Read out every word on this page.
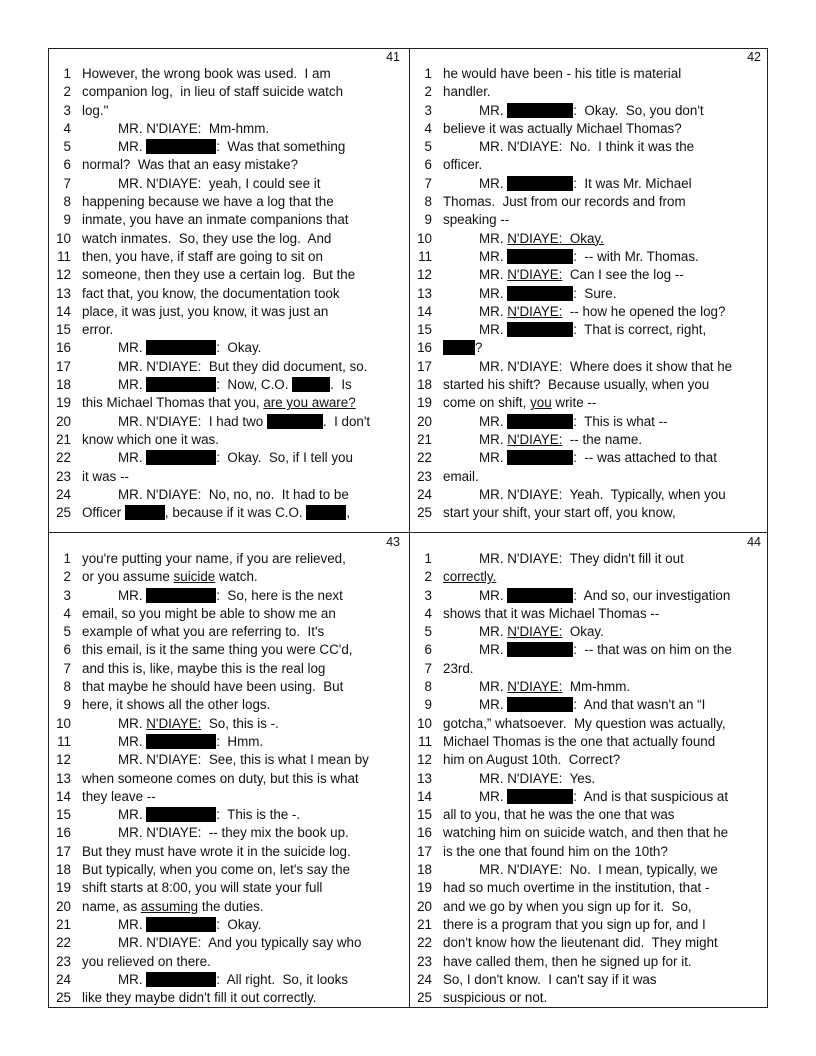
41
1 However, the wrong book was used.  I am
2 companion log,  in lieu of staff suicide watch
3 log."
4	MR. N'DIAYE:  Mm-hmm.
5	MR.	:  Was that something
6 normal?  Was that an easy mistake?
7	MR. N'DIAYE:  yeah, I could see it
8 happening because we have a log that the
9 inmate, you have an inmate companions that
10 watch inmates.  So, they use the log.  And
11 then, you have, if staff are going to sit on
12 someone, then they use a certain log.  But the
13 fact that, you know, the documentation took
14 place, it was just, you know, it was just an
15 error.
16	MR.	:  Okay.
17	MR. N'DIAYE:  But they did document, so.
18	MR.	:  Now, C.O.	.  Is
19 this Michael Thomas that you, are you aware?
20	MR. N'DIAYE:  I had two	.  I don't
21 know which one it was.
22	MR.	:  Okay.  So, if I tell you
23 it was --
24	MR. N'DIAYE:  No, no, no.  It had to be
25 Officer	, because if it was C.O.	,
42
1 he would have been - his title is material
2 handler.
3	MR.	:  Okay.  So, you don't
4 believe it was actually Michael Thomas?
5	MR. N'DIAYE:  No.  I think it was the
6 officer.
7	MR.	:  It was Mr. Michael
8 Thomas.  Just from our records and from
9 speaking --
10	MR. N'DIAYE:  Okay.
11	MR.	:  -- with Mr. Thomas.
12	MR. N'DIAYE:  Can I see the log --
13	MR.	:  Sure.
14	MR. N'DIAYE:  -- how he opened the log?
15	MR.	:  That is correct, right,
16	?
17	MR. N'DIAYE:  Where does it show that he
18 started his shift?  Because usually, when you
19 come on shift, you write --
20	MR.	:  This is what --
21	MR. N'DIAYE:  -- the name.
22	MR.	:  -- was attached to that
23 email.
24	MR. N'DIAYE:  Yeah.  Typically, when you
25 start your shift, your start off, you know,
43
1 you're putting your name, if you are relieved,
2 or you assume suicide watch.
3	MR.	:  So, here is the next
4 email, so you might be able to show me an
5 example of what you are referring to.  It's
6 this email, is it the same thing you were CC'd,
7 and this is, like, maybe this is the real log
8 that maybe he should have been using.  But
9 here, it shows all the other logs.
10	MR. N'DIAYE:  So, this is -.
11	MR.	:  Hmm.
12	MR. N'DIAYE:  See, this is what I mean by
13 when someone comes on duty, but this is what
14 they leave --
15	MR.	:  This is the -.
16	MR. N'DIAYE:  -- they mix the book up.
17 But they must have wrote it in the suicide log.
18 But typically, when you come on, let's say the
19 shift starts at 8:00, you will state your full
20 name, as assuming the duties.
21	MR.	:  Okay.
22	MR. N'DIAYE:  And you typically say who
23 you relieved on there.
24	MR.	:  All right.  So, it looks
25 like they maybe didn't fill it out correctly.
44
1	MR. N'DIAYE:  They didn't fill it out
2 correctly.
3	MR.	:  And so, our investigation
4 shows that it was Michael Thomas --
5	MR. N'DIAYE:  Okay.
6	MR.	:  -- that was on him on the
7 23rd.
8	MR. N'DIAYE:  Mm-hmm.
9	MR.	:  And that wasn't an “I
10 gotcha,” whatsoever.  My question was actually,
11 Michael Thomas is the one that actually found
12 him on August 10th.  Correct?
13	MR. N'DIAYE:  Yes.
14	MR.	:  And is that suspicious at
15 all to you, that he was the one that was
16 watching him on suicide watch, and then that he
17 is the one that found him on the 10th?
18	MR. N'DIAYE:  No.  I mean, typically, we
19 had so much overtime in the institution, that -
20 and we go by when you sign up for it.  So,
21 there is a program that you sign up for, and I
22 don't know how the lieutenant did.  They might
23 have called them, then he signed up for it.
24 So, I don't know.  I can't say if it was
25 suspicious or not.
